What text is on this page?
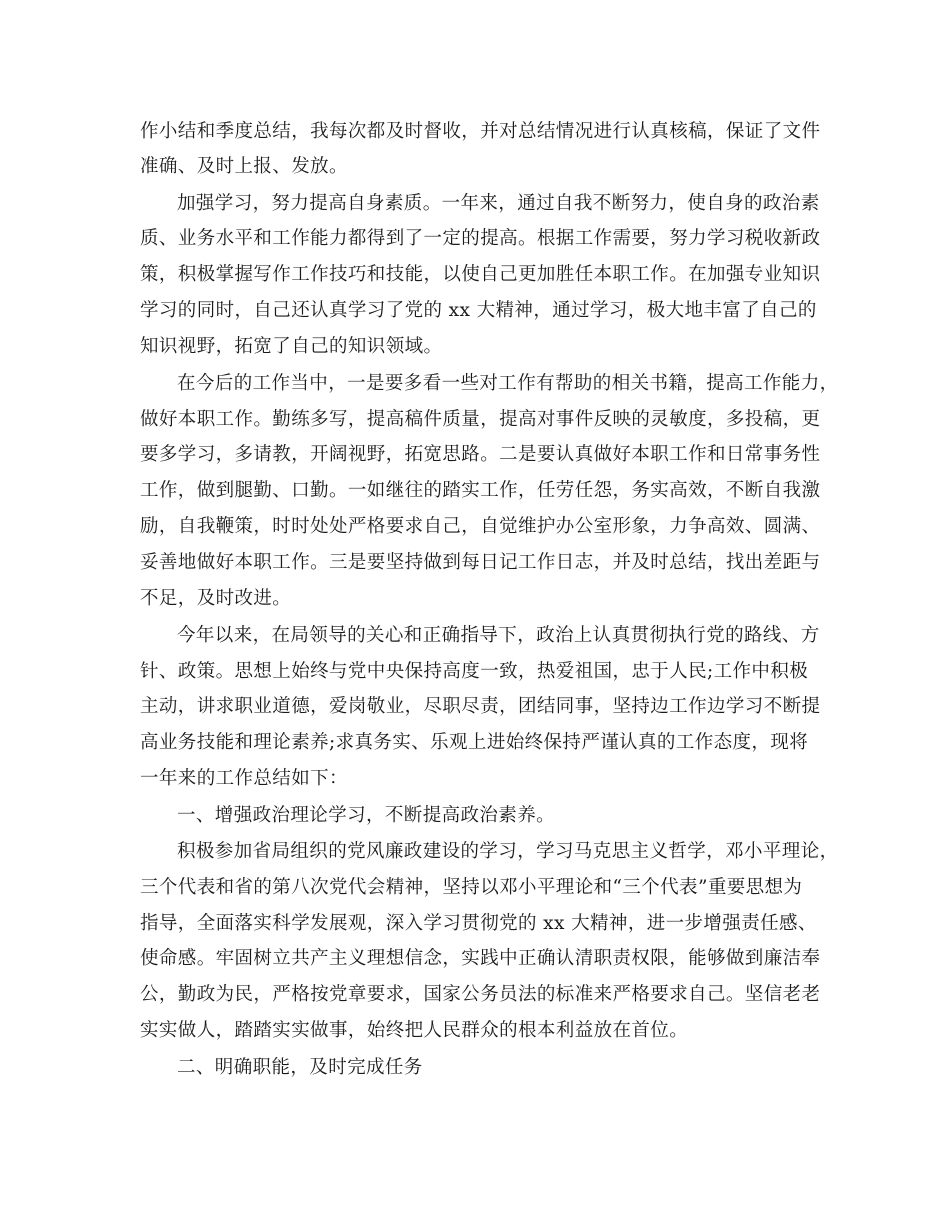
作小结和季度总结，我每次都及时督收，并对总结情况进行认真核稿，保证了文件
准确、及时上报、发放。
加强学习，努力提高自身素质。一年来，通过自我不断努力，使自身的政治素
质、业务水平和工作能力都得到了一定的提高。根据工作需要，努力学习税收新政
策，积极掌握写作工作技巧和技能，以使自己更加胜任本职工作。在加强专业知识
学习的同时，自己还认真学习了党的 xx 大精神，通过学习，极大地丰富了自己的
知识视野，拓宽了自己的知识领域。
在今后的工作当中，一是要多看一些对工作有帮助的相关书籍，提高工作能力，
做好本职工作。勤练多写，提高稿件质量，提高对事件反映的灵敏度，多投稿，更
要多学习，多请教，开阔视野，拓宽思路。二是要认真做好本职工作和日常事务性
工作，做到腿勤、口勤。一如继往的踏实工作，任劳任怨，务实高效，不断自我激
励，自我鞭策，时时处处严格要求自己，自觉维护办公室形象，力争高效、圆满、
妥善地做好本职工作。三是要坚持做到每日记工作日志，并及时总结，找出差距与
不足，及时改进。
今年以来，在局领导的关心和正确指导下，政治上认真贯彻执行党的路线、方
针、政策。思想上始终与党中央保持高度一致，热爱祖国，忠于人民;工作中积极
主动，讲求职业道德，爱岗敬业，尽职尽责，团结同事，坚持边工作边学习不断提
高业务技能和理论素养;求真务实、乐观上进始终保持严谨认真的工作态度，现将
一年来的工作总结如下：
一、增强政治理论学习，不断提高政治素养。
积极参加省局组织的党风廉政建设的学习，学习马克思主义哲学，邓小平理论，
三个代表和省的第八次党代会精神，坚持以邓小平理论和“三个代表”重要思想为
指导，全面落实科学发展观，深入学习贯彻党的 xx 大精神，进一步增强责任感、
使命感。牢固树立共产主义理想信念，实践中正确认清职责权限，能够做到廉洁奉
公，勤政为民，严格按党章要求，国家公务员法的标准来严格要求自己。坚信老老
实实做人，踏踏实实做事，始终把人民群众的根本利益放在首位。
二、明确职能，及时完成任务
